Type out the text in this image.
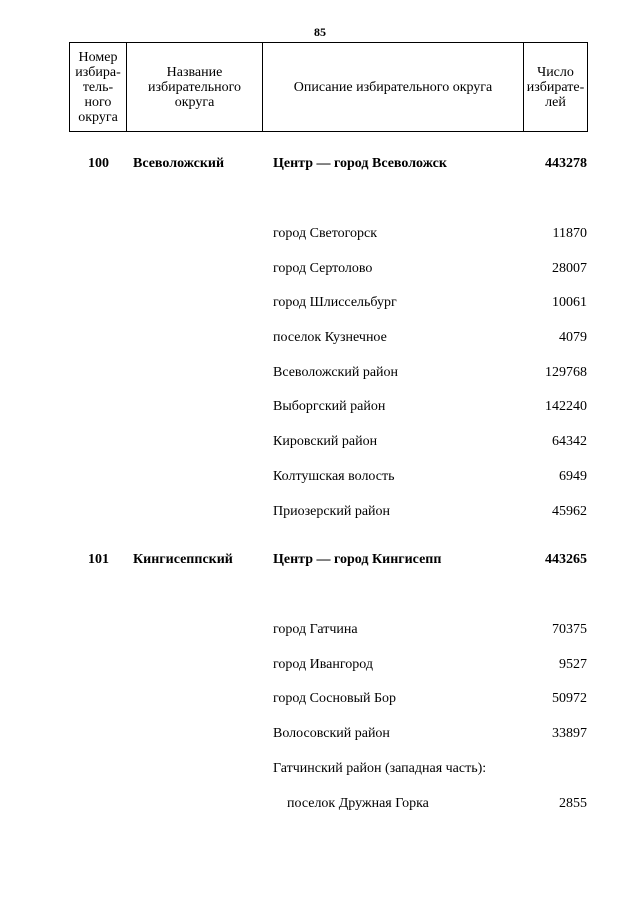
85
Номер
избира-
тель-
ного
округа

Название
избирательного
округа

Описание избирательного округа

Число
избирате-
лей
100 Всеволожский	Центр — город Всеволожск	443278
город Светогорск	11870
город Сертолово	28007
город Шлиссельбург	10061
поселок Кузнечное	4079
Всеволожский район	129768
Выборгский район	142240
Кировский район	64342
Колтушская волость	6949
Приозерский район	45962
101 Кингисеппский	Центр — город Кингисепп	443265
город Гатчина	70375
город Ивангород	9527
город Сосновый Бор	50972
Волосовский район	33897
Гатчинский район (западная часть):
поселок Дружная Горка	2855
